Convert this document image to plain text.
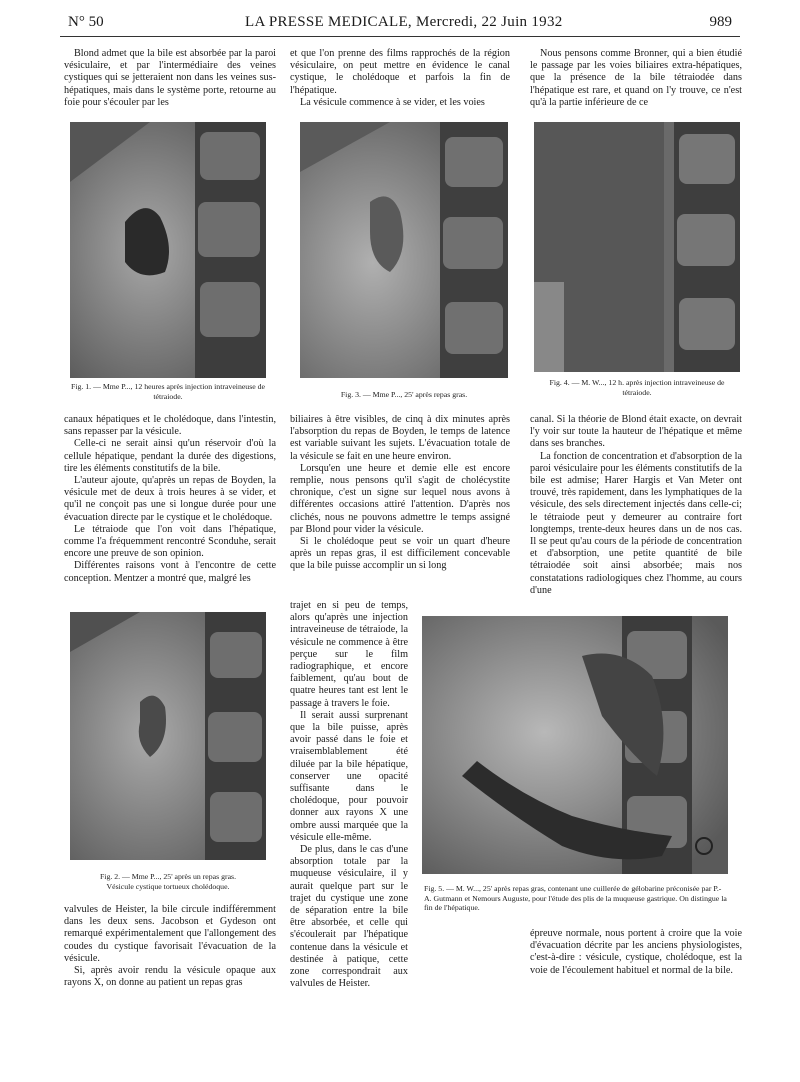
N° 50	LA PRESSE MEDICALE, Mercredi, 22 Juin 1932	989

Blond admet que la bile est absorbée par la paroi vésiculaire, et par l'intermédiaire des veines cystiques qui se jetteraient non dans les veines sus-hépatiques, mais dans le système porte, retourne au foie pour s'écouler par les

et que l'on prenne des films rapprochés de la région vésiculaire, on peut mettre en évidence le canal cystique, le cholédoque et parfois la fin de l'hépatique.

La vésicule commence à se vider, et les voies

Nous pensons comme Bronner, qui a bien étudié le passage par les voies biliaires extra-hépatiques, que la présence de la bile tétraiodée dans l'hépatique est rare, et quand on l'y trouve, ce n'est qu'à la partie inférieure de ce

Fig. 1. — Mme P..., 12 heures après injection intraveineuse de tétraiode.	Fig. 3. — Mme P..., 25' après repas gras.
Fig. 4. — M. W..., 12 h. après injection intraveineuse de tétraiode.

canaux hépatiques et le cholédoque, dans l'intestin, sans repasser par la vésicule.

Celle-ci ne serait ainsi qu'un réservoir d'où la cellule hépatique, pendant la durée des digestions, tire les éléments constitutifs de la bile.

L'auteur ajoute, qu'après un repas de Boyden, la vésicule met de deux à trois heures à se vider, et qu'il ne conçoit pas une si longue durée pour une évacuation directe par le cystique et le cholédoque.

Le tétraiode que l'on voit dans l'hépatique, comme l'a fréquemment rencontré Sconduhe, serait encore une preuve de son opinion.

Différentes raisons vont à l'encontre de cette conception. Mentzer a montré que, malgré les

biliaires à être visibles, de cinq à dix minutes après l'absorption du repas de Boyden, le temps de latence est variable suivant les sujets. L'évacuation totale de la vésicule se fait en une heure environ.

Lorsqu'en une heure et demie elle est encore remplie, nous pensons qu'il s'agit de cholécystite chronique, c'est un signe sur lequel nous avons à différentes occasions attiré l'attention. D'après nos clichés, nous ne pouvons admettre le temps assigné par Blond pour vider la vésicule.

Si le cholédoque peut se voir un quart d'heure après un repas gras, il est difficilement concevable que la bile puisse accomplir un si long

canal. Si la théorie de Blond était exacte, on devrait l'y voir sur toute la hauteur de l'hépatique et même dans ses branches.

La fonction de concentration et d'absorption de la paroi vésiculaire pour les éléments constitutifs de la bile est admise; Harer Hargis et Van Meter ont trouvé, très rapidement, dans les lymphatiques de la vésicule, des sels directement injectés dans celle-ci; le tétraiode peut y demeurer au contraire fort longtemps, trente-deux heures dans un de nos cas. Il se peut qu'au cours de la période de concentration et d'absorption, une petite quantité de bile tétraiodée soit ainsi absorbée; mais nos constatations radiologiques chez l'homme, au cours d'une

Fig. 2. — Mme P..., 25' après un repas gras.
Vésicule cystique tortueux cholédoque.

trajet en si peu de temps, alors qu'après une injection intraveineuse de tétraiode, la vésicule ne commence à être perçue sur le film radiographique, et encore faiblement, qu'au bout de quatre heures tant est lent le passage à travers le foie.

Il serait aussi surprenant que la bile puisse, après avoir passé dans le foie et vraisemblablement été diluée par la bile hépatique, conserver une opacité suffisante dans le cholédoque, pour pouvoir donner aux rayons X une ombre aussi marquée que la vésicule elle-même.

De plus, dans le cas d'une absorption totale par la muqueuse vésiculaire, il y aurait quelque part sur le trajet du cystique une zone de séparation entre la bile être absorbée, et celle qui s'écoulerait par l'hépatique contenue dans la vésicule et destinée à patique, cette zone correspondrait aux valvules de Heister.

Fig. 5. — M. W..., 25' après repas gras, contenant une cuillerée de gélobarine préconisée par P.-A. Gutmann et Nemours Auguste, pour l'étude des plis de la muqueuse gastrique. On distingue la fin de l'hépatique.

valvules de Heister, la bile circule indifféremment dans les deux sens. Jacobson et Gydeson ont remarqué expérimentalement que l'allongement des coudes du cystique favorisait l'évacuation de la vésicule.

Si, après avoir rendu la vésicule opaque aux rayons X, on donne au patient un repas gras

épreuve normale, nous portent à croire que la voie d'évacuation décrite par les anciens physiologistes, c'est-à-dire : vésicule, cystique, cholédoque, est la voie de l'écoulement habituel et normal de la bile.
